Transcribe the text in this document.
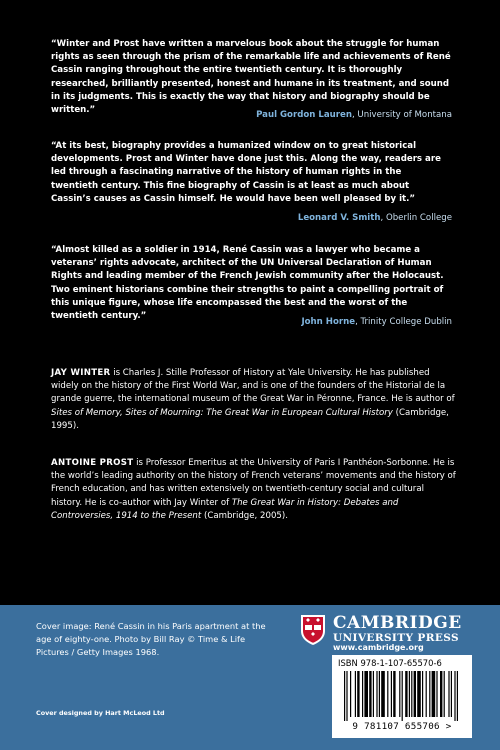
“Winter and Prost have written a marvelous book about the struggle for human rights as seen through the prism of the remarkable life and achievements of René Cassin ranging throughout the entire twentieth century. It is thoroughly researched, brilliantly presented, honest and humane in its treatment, and sound in its judgments. This is exactly the way that history and biography should be written.”	Paul Gordon Lauren, University of Montana
“At its best, biography provides a humanized window on to great historical developments. Prost and Winter have done just this. Along the way, readers are led through a fascinating narrative of the history of human rights in the twentieth century. This fine biography of Cassin is at least as much about Cassin’s causes as Cassin himself. He would have been well pleased by it.”
Leonard V. Smith, Oberlin College
“Almost killed as a soldier in 1914, René Cassin was a lawyer who became a veterans’ rights advocate, architect of the UN Universal Declaration of Human Rights and leading member of the French Jewish community after the Holocaust. Two eminent historians combine their strengths to paint a compelling portrait of this unique figure, whose life encompassed the best and the worst of the twentieth century.”
John Horne, Trinity College Dublin
JAY WINTER is Charles J. Stille Professor of History at Yale University. He has published widely on the history of the First World War, and is one of the founders of the Historial de la grande guerre, the international museum of the Great War in Péronne, France. He is author of Sites of Memory, Sites of Mourning: The Great War in European Cultural History (Cambridge, 1995).
ANTOINE PROST is Professor Emeritus at the University of Paris I Panthéon-Sorbonne. He is the world’s leading authority on the history of French veterans’ movements and the history of French education, and has written extensively on twentieth-century social and cultural history. He is co-author with Jay Winter of The Great War in History: Debates and Controversies, 1914 to the Present (Cambridge, 2005).
Cover image: René Cassin in his Paris apartment at the age of eighty-one. Photo by Bill Ray © Time & Life Pictures / Getty Images 1968.
Cover designed by Hart McLeod Ltd
CAMBRIDGE
UNIVERSITY PRESS
www.cambridge.org
ISBN 978-1-107-65570-6
9 781107 655706 >
